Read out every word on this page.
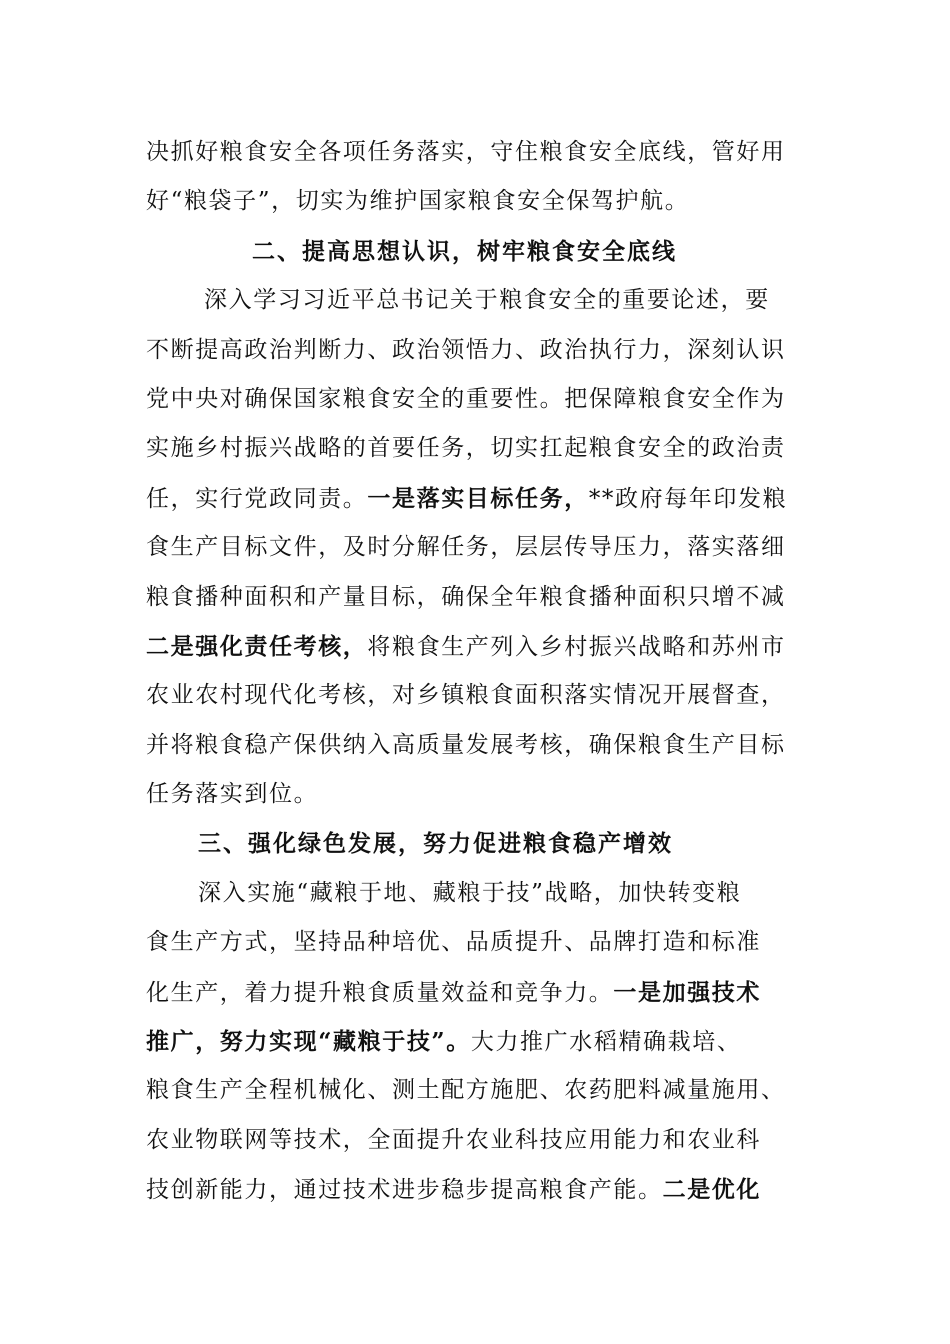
决抓好粮食安全各项任务落实，守住粮食安全底线，管好用
好“粮袋子”，切实为维护国家粮食安全保驾护航。
二、提高思想认识，树牢粮食安全底线
深入学习习近平总书记关于粮食安全的重要论述，要
不断提高政治判断力、政治领悟力、政治执行力，深刻认识
党中央对确保国家粮食安全的重要性。把保障粮食安全作为
实施乡村振兴战略的首要任务，切实扛起粮食安全的政治责
任，实行党政同责。一是落实目标任务，**政府每年印发粮
食生产目标文件，及时分解任务，层层传导压力，落实落细
粮食播种面积和产量目标，确保全年粮食播种面积只增不减
二是强化责任考核，将粮食生产列入乡村振兴战略和苏州市
农业农村现代化考核，对乡镇粮食面积落实情况开展督查，
并将粮食稳产保供纳入高质量发展考核，确保粮食生产目标
任务落实到位。
三、强化绿色发展，努力促进粮食稳产增效
深入实施“藏粮于地、藏粮于技”战略，加快转变粮
食生产方式，坚持品种培优、品质提升、品牌打造和标准
化生产，着力提升粮食质量效益和竞争力。一是加强技术
推广，努力实现“藏粮于技”。大力推广水稻精确栽培、
粮食生产全程机械化、测土配方施肥、农药肥料减量施用、
农业物联网等技术，全面提升农业科技应用能力和农业科
技创新能力，通过技术进步稳步提高粮食产能。二是优化
